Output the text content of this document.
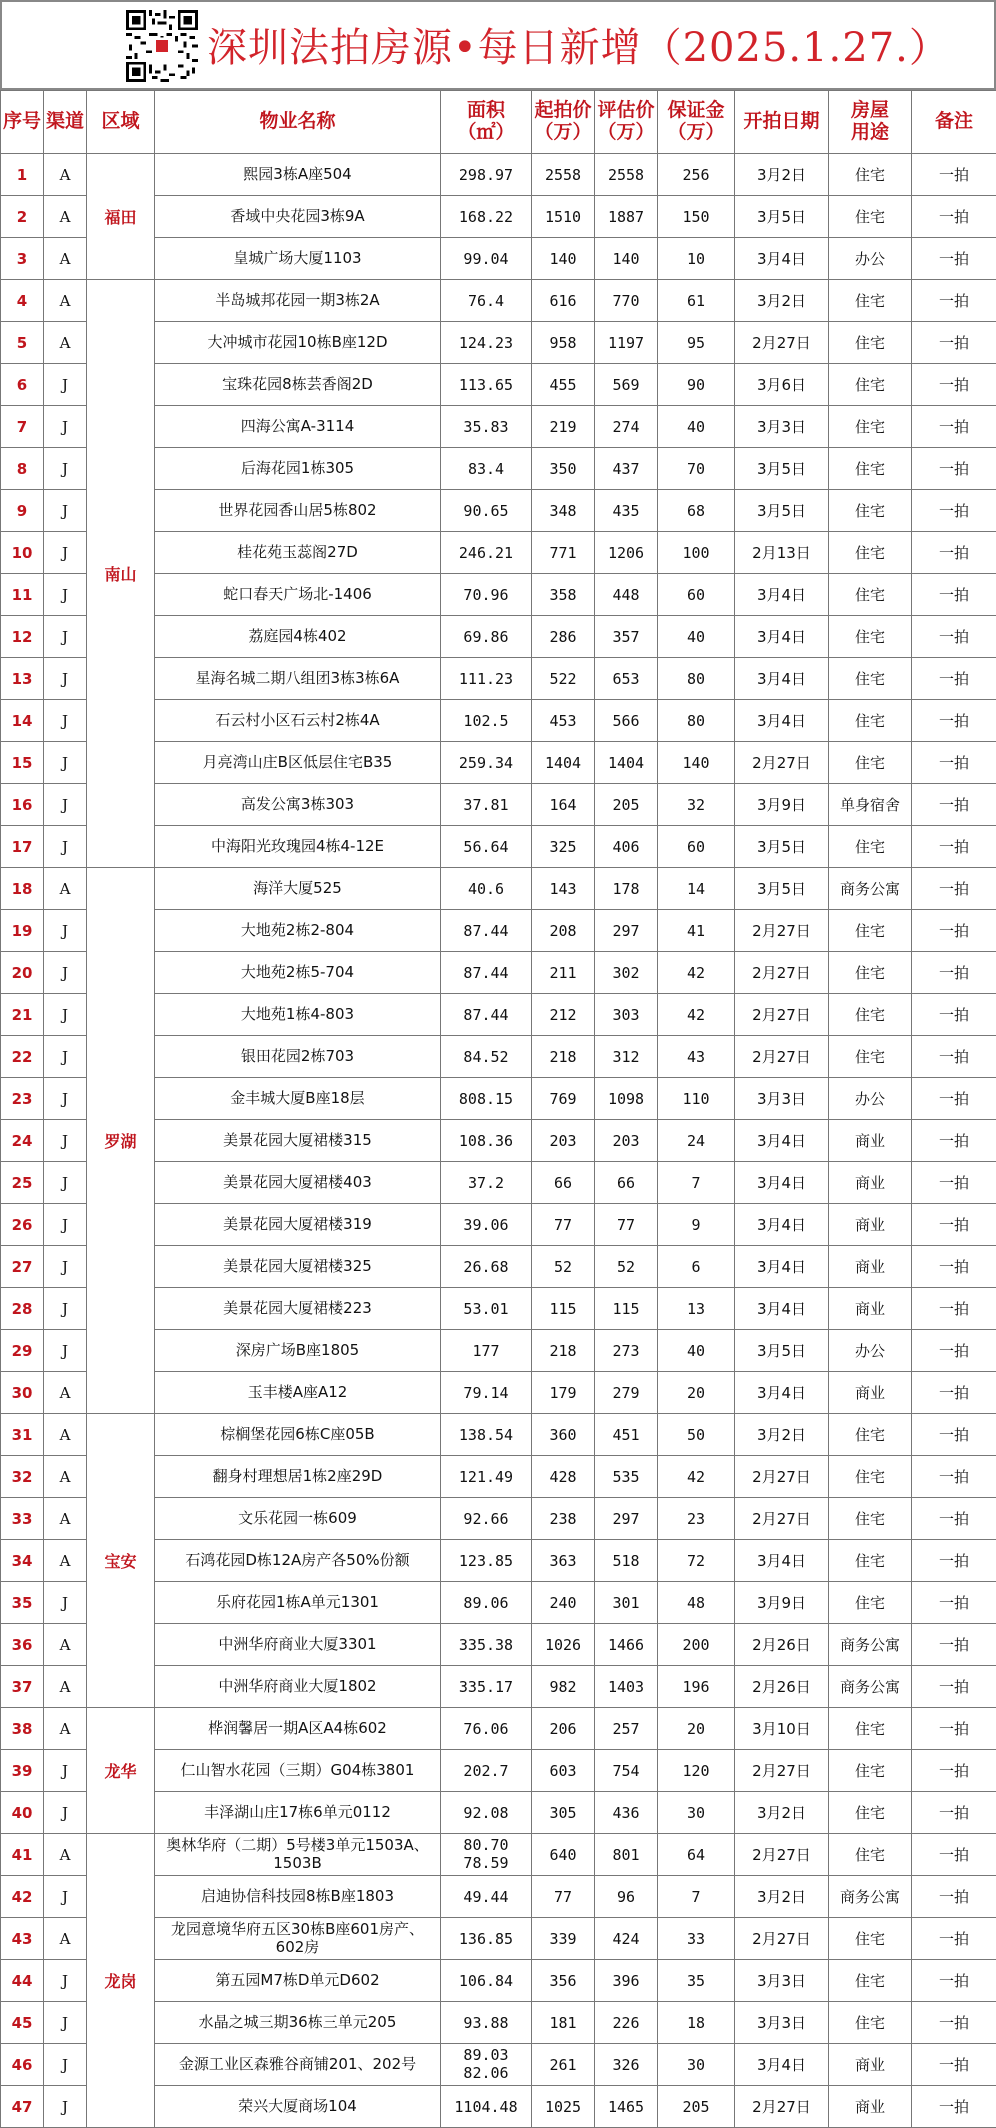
深圳法拍房源•每日新增（2025.1.27.）
序号	渠道	区域	物业名称	面积
（㎡）	起拍价
（万）	评估价
（万）	保证金
（万）	开拍日期	房屋
用途	备注
1	A	福田	熙园3栋A座504	298.97	2558	2558	256	3月2日	住宅	一拍
2	A		香域中央花园3栋9A	168.22	1510	1887	150	3月5日	住宅	一拍
3	A		皇城广场大厦1103	99.04	140	140	10	3月4日	办公	一拍
4	A	南山	半岛城邦花园一期3栋2A	76.4	616	770	61	3月2日	住宅	一拍
5	A		大冲城市花园10栋B座12D	124.23	958	1197	95	2月27日	住宅	一拍
6	J		宝珠花园8栋芸香阁2D	113.65	455	569	90	3月6日	住宅	一拍
7	J		四海公寓A-3114	35.83	219	274	40	3月3日	住宅	一拍
8	J		后海花园1栋305	83.4	350	437	70	3月5日	住宅	一拍
9	J		世界花园香山居5栋802	90.65	348	435	68	3月5日	住宅	一拍
10	J		桂花苑玉蕊阁27D	246.21	771	1206	100	2月13日	住宅	一拍
11	J		蛇口春天广场北-1406	70.96	358	448	60	3月4日	住宅	一拍
12	J		荔庭园4栋402	69.86	286	357	40	3月4日	住宅	一拍
13	J		星海名城二期八组团3栋3栋6A	111.23	522	653	80	3月4日	住宅	一拍
14	J		石云村小区石云村2栋4A	102.5	453	566	80	3月4日	住宅	一拍
15	J		月亮湾山庄B区低层住宅B35	259.34	1404	1404	140	2月27日	住宅	一拍
16	J		高发公寓3栋303	37.81	164	205	32	3月9日	单身宿舍	一拍
17	J		中海阳光玫瑰园4栋4-12E	56.64	325	406	60	3月5日	住宅	一拍
18	A	罗湖	海洋大厦525	40.6	143	178	14	3月5日	商务公寓	一拍
19	J		大地苑2栋2-804	87.44	208	297	41	2月27日	住宅	一拍
20	J		大地苑2栋5-704	87.44	211	302	42	2月27日	住宅	一拍
21	J		大地苑1栋4-803	87.44	212	303	42	2月27日	住宅	一拍
22	J		银田花园2栋703	84.52	218	312	43	2月27日	住宅	一拍
23	J		金丰城大厦B座18层	808.15	769	1098	110	3月3日	办公	一拍
24	J		美景花园大厦裙楼315	108.36	203	203	24	3月4日	商业	一拍
25	J		美景花园大厦裙楼403	37.2	66	66	7	3月4日	商业	一拍
26	J		美景花园大厦裙楼319	39.06	77	77	9	3月4日	商业	一拍
27	J		美景花园大厦裙楼325	26.68	52	52	6	3月4日	商业	一拍
28	J		美景花园大厦裙楼223	53.01	115	115	13	3月4日	商业	一拍
29	J		深房广场B座1805	177	218	273	40	3月5日	办公	一拍
30	A		玉丰楼A座A12	79.14	179	279	20	3月4日	商业	一拍
31	A	宝安	棕榈堡花园6栋C座05B	138.54	360	451	50	3月2日	住宅	一拍
32	A		翻身村理想居1栋2座29D	121.49	428	535	42	2月27日	住宅	一拍
33	A		文乐花园一栋609	92.66	238	297	23	2月27日	住宅	一拍
34	A		石鸿花园D栋12A房产各50%份额	123.85	363	518	72	3月4日	住宅	一拍
35	J		乐府花园1栋A单元1301	89.06	240	301	48	3月9日	住宅	一拍
36	A		中洲华府商业大厦3301	335.38	1026	1466	200	2月26日	商务公寓	一拍
37	A		中洲华府商业大厦1802	335.17	982	1403	196	2月26日	商务公寓	一拍
38	A	龙华	桦润馨居一期A区A4栋602	76.06	206	257	20	3月10日	住宅	一拍
39	J		仁山智水花园（三期）G04栋3801	202.7	603	754	120	2月27日	住宅	一拍
40	J		丰泽湖山庄17栋6单元0112	92.08	305	436	30	3月2日	住宅	一拍
41	A	龙岗	奥林华府（二期）5号楼3单元1503A、
1503B	80.70
78.59	640	801	64	2月27日	住宅	一拍
42	J		启迪协信科技园8栋B座1803	49.44	77	96	7	3月2日	商务公寓	一拍
43	A		龙园意境华府五区30栋B座601房产、
602房	136.85	339	424	33	2月27日	住宅	一拍
44	J		第五园M7栋D单元D602	106.84	356	396	35	3月3日	住宅	一拍
45	J		水晶之城三期36栋三单元205	93.88	181	226	18	3月3日	住宅	一拍
46	J		金源工业区森雅谷商铺201、202号	89.03
82.06	261	326	30	3月4日	商业	一拍
47	J		荣兴大厦商场104	1104.48	1025	1465	205	2月27日	商业	一拍
